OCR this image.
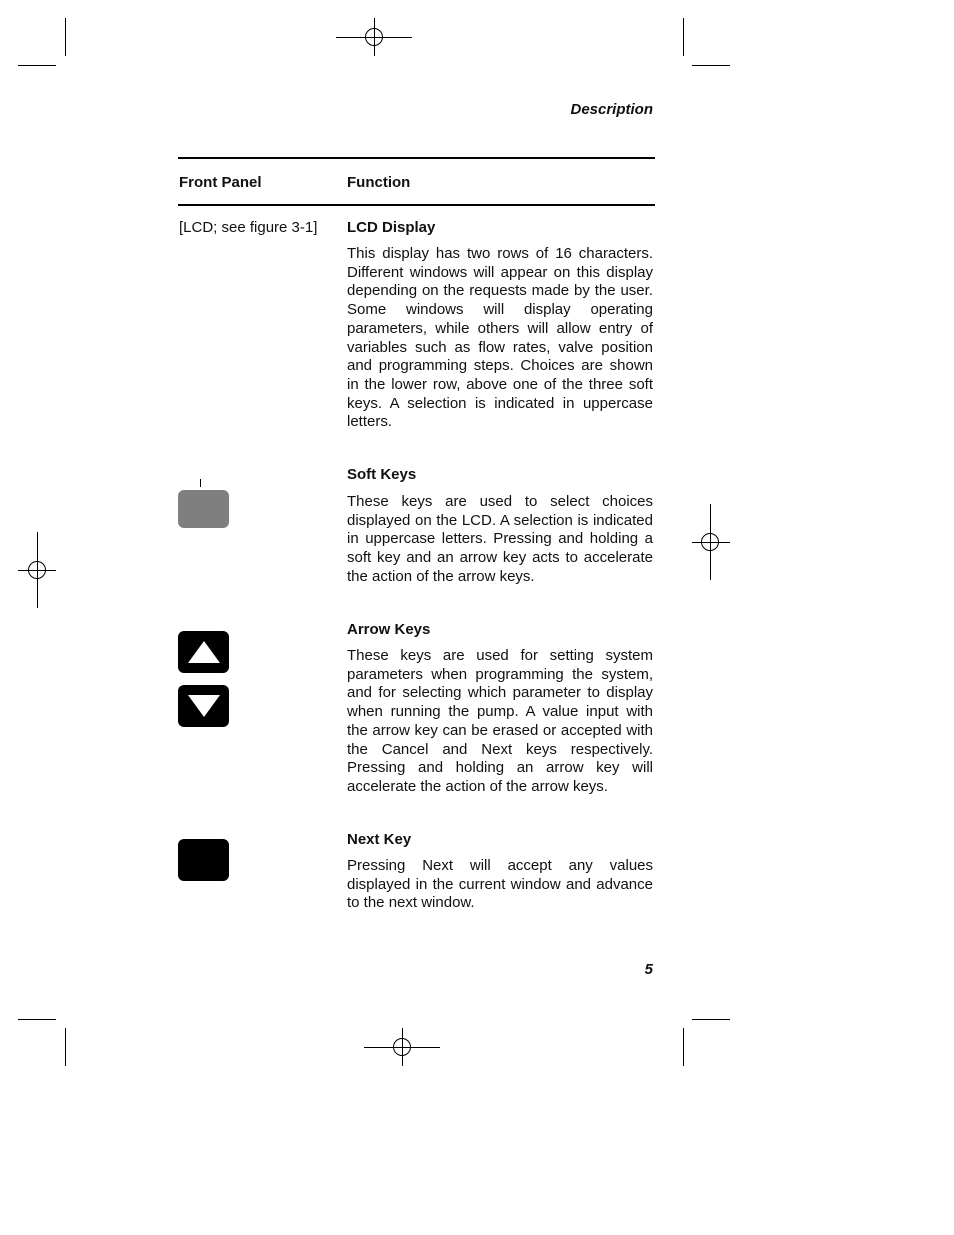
Description
Front Panel	Function
[LCD; see figure 3-1] LCD Display
This display has two rows of 16 characters. Different windows will appear on this display depending on the requests made by the user. Some windows will display operating parameters, while others will allow entry of variables such as flow rates, valve position and programming steps. Choices are shown in the lower row, above one of the three soft keys. A selection is indicated in uppercase letters.
Soft Keys
These keys are used to select choices displayed on the LCD. A selection is indicated in uppercase letters. Pressing and holding a soft key and an arrow key acts to accelerate the action of the arrow keys.
Arrow Keys
These keys are used for setting system parameters when programming the system, and for selecting which parameter to display when running the pump. A value input with the arrow key can be erased or accepted with the Cancel and Next keys respectively. Pressing and holding an arrow key will accelerate the action of the arrow keys.
Next Key
Pressing Next will accept any values displayed in the current window and advance to the next window.
5
